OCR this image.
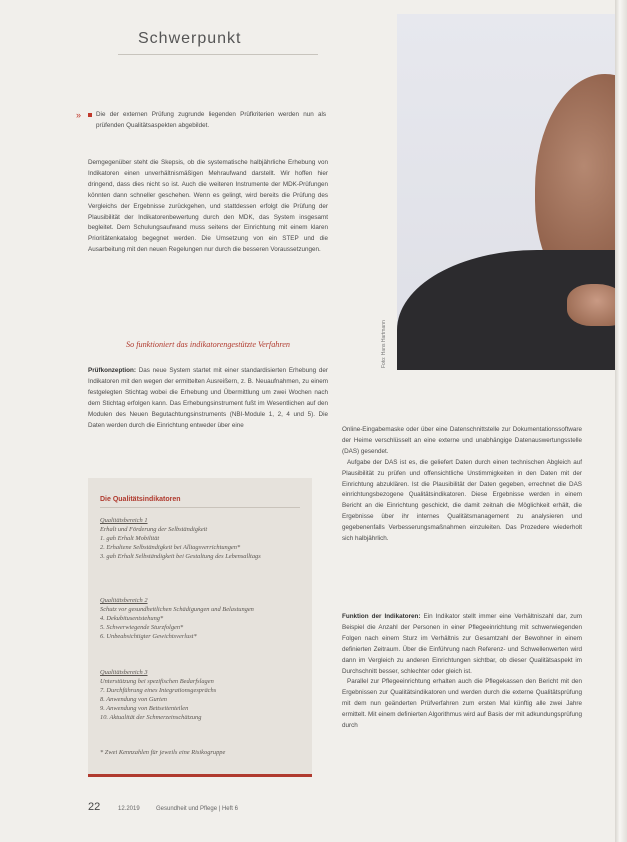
Schwerpunkt
Foto: Hans Hartmann
» Die der externen Prüfung zugrunde liegenden Prüfkriterien werden nun als prüfenden Qualitätsaspekten abgebildet.

Demgegenüber steht die Skepsis, ob die systematische halbjährliche Erhebung von Indikatoren einen unverhältnismäßigen Mehraufwand darstellt. Wir hoffen hier dringend, dass dies nicht so ist. Auch die weiteren Instrumente der MDK-Prüfungen könnten dann schneller geschehen. Wenn es gelingt, wird bereits die Prüfung des Vergleichs der Ergebnisse zurückgehen, und stattdessen erfolgt die Prüfung der Plausibilität der Indikatorenbewertung durch den MDK, das System insgesamt begleitet. Dem Schulungsaufwand muss seitens der Einrichtung mit einem klaren Prioritätenkatalog begegnet werden. Die Umsetzung von ein STEP und die Ausarbeitung mit den neuen Regelungen nur durch die besseren Voraussetzungen.

So funktioniert das indikatorengestützte Verfahren

Prüfkonzeption: Das neue System startet mit einer standardisierten Erhebung der Indikatoren mit den wegen der ermittelten Ausreißern, z. B. Neuaufnahmen, zu einem festgelegten Stichtag wobei die Erhebung und Übermittlung um zwei Wochen nach dem Stichtag erfolgen kann. Das Erhebungsinstrument fußt im Wesentlichen auf den Modulen des Neuen Begutachtungsinstruments (NBI-Module 1, 2, 4 und 5). Die Daten werden durch die Einrichtung entweder über eine

Die Qualitätsindikatoren
Qualitätsbereich 1
Erhalt und Förderung der Selbständigkeit
1. gah Erhalt Mobilität
2. Erhaltene Selbständigkeit bei Alltagsverrichtungen*
3. gah Erhalt Selbständigkeit bei Gestaltung des Lebensalltags
Qualitätsbereich 2
Schutz vor gesundheitlichen Schädigungen und Belastungen
4. Dekubitusentstehung*
5. Schwerwiegende Sturzfolgen*
6. Unbeabsichtigter Gewichtsverlust*
Qualitätsbereich 3
Unterstützung bei spezifischen Bedarfslagen
7. Durchführung eines Integrationsgesprächs
8. Anwendung von Gurten
9. Anwendung von Bettseitenteilen
10. Aktualität der Schmerzeinschätzung
* Zwei Kennzahlen für jeweils eine Risikogruppe

Online-Eingabemaske oder über eine Datenschnittstelle zur Dokumentationssoftware der Heime verschlüsselt an eine externe und unabhängige Datenauswertungsstelle (DAS) gesendet.
Aufgabe der DAS ist es, die geliefert Daten durch einen technischen Abgleich auf Plausibilität zu prüfen und offensichtliche Unstimmigkeiten in den Daten mit der Einrichtung abzuklären. Ist die Plausibilität der Daten gegeben, errechnet die DAS einrichtungsbezogene Qualitätsindikatoren. Diese Ergebnisse werden in einem Bericht an die Einrichtung geschickt, die damit zeitnah die Möglichkeit erhält, die Ergebnisse über ihr internes Qualitätsmanagement zu analysieren und gegebenenfalls Verbesserungsmaßnahmen einzuleiten. Das Prozedere wiederholt sich halbjährlich.

Funktion der Indikatoren: Ein Indikator stellt immer eine Verhältniszahl dar, zum Beispiel die Anzahl der Personen in einer Pflegeeinrichtung mit schwerwiegenden Folgen nach einem Sturz im Verhältnis zur Gesamtzahl der Bewohner in einem definierten Zeitraum. Über die Einführung nach Referenz- und Schwellenwerten wird dann im Vergleich zu anderen Einrichtungen sichtbar, ob dieser Qualitätsaspekt im Durchschnitt besser, schlechter oder gleich ist.
Parallel zur Pflegeeinrichtung erhalten auch die Pflegekassen den Bericht mit den Ergebnissen zur Qualitätsindikatoren und werden durch die externe Qualitätsprüfung mit dem nun geänderten Prüfverfahren zum ersten Mal künftig alle zwei Jahre ermittelt. Mit einem definierten Algorithmus wird auf Basis der mit adkundungsprüfung durch

22	12.2019	Gesundheit und Pflege | Heft 6
